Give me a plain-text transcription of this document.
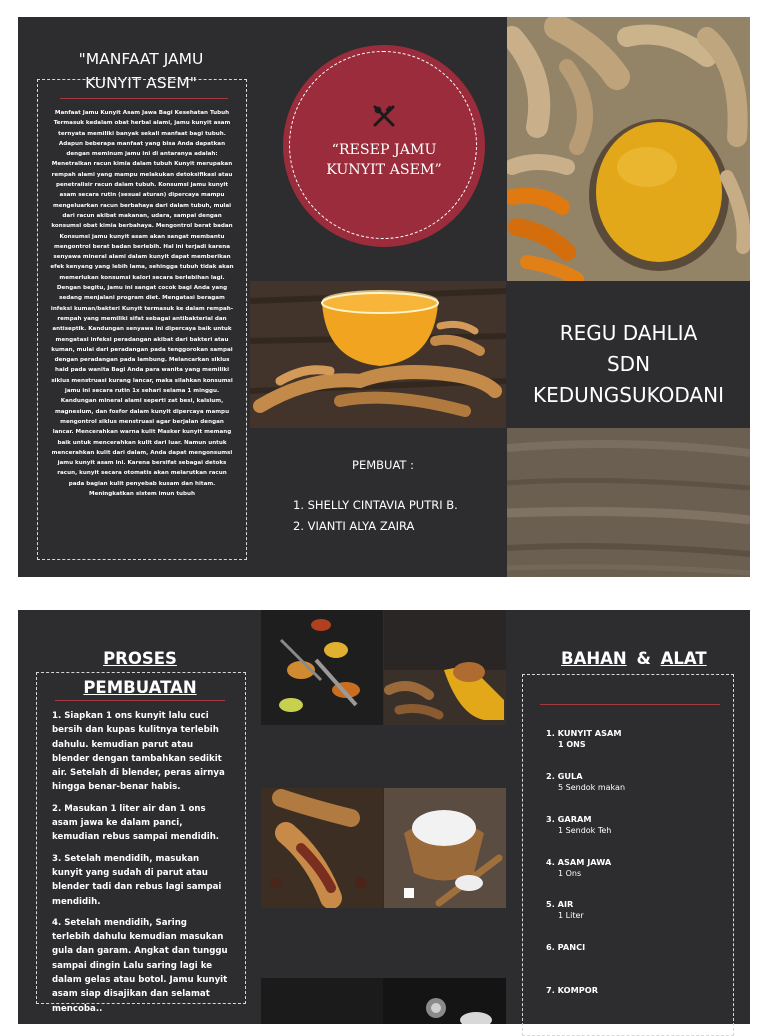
"MANFAAT JAMU
KUNYIT ASEM"
Manfaat Jamu Kunyit Asam Jawa Bagi Kesehatan Tubuh Termasuk kedalam obat herbal alami, jamu kunyit asam ternyata memiliki banyak sekali manfaat bagi tubuh. Adapun beberapa manfaat yang bisa Anda dapatkan dengan meminum jamu ini di antaranya adalah: Menetralkan racun kimia dalam tubuh Kunyit merupakan rempah alami yang mampu melakukan detoksifikasi atau penetralisir racun dalam tubuh. Konsumsi jamu kunyit asam secara rutin (sesuai aturan) dipercaya mampu mengeluarkan racun berbahaya dari dalam tubuh, mulai dari racun akibat makanan, udara, sampai dengan konsumsi obat kimia berbahaya. Mengontrol berat badan Konsumsi jamu kunyit asam akan sangat membantu mengontrol berat badan berlebih. Hal ini terjadi karena senyawa mineral alami dalam kunyit dapat memberikan efek kenyang yang lebih lama, sehingga tubuh tidak akan memerlukan konsumsi kalori secara berlebihan lagi. Dengan begitu, jamu ini sangat cocok bagi Anda yang sedang menjalani program diet. Mengatasi beragam infeksi kuman/bakteri Kunyit termasuk ke dalam rempah-rempah yang memiliki sifat sebagai antibakterial dan antiseptik. Kandungan senyawa ini dipercaya baik untuk mengatasi infeksi peradangan akibat dari bakteri atau kuman, mulai dari peradangan pada tenggorokan sampai dengan peradangan pada lambung. Melancarkan siklus haid pada wanita Bagi Anda para wanita yang memiliki siklus menstruasi kurang lancar, maka silahkan konsumsi jamu ini secara rutin 1x sehari selama 1 minggu. Kandungan mineral alami seperti zat besi, kalsium, magnesium, dan fosfor dalam kunyit dipercaya mampu mengontrol siklus menstruasi agar berjalan dengan lancar. Mencerahkan warna kulit Masker kunyit memang baik untuk mencerahkan kulit dari luar. Namun untuk mencerahkan kulit dari dalam, Anda dapat mengonsumsi jamu kunyit asam ini. Karena bersifat sebagai detoks racun, kunyit secara otomatis akan melarutkan racun pada bagian kulit penyebab kusam dan hitam. Meningkatkan sistem imun tubuh
“RESEP JAMU
KUNYIT ASEM”
PEMBUAT :
1. SHELLY CINTAVIA PUTRI B.
2. VIANTI ALYA ZAIRA
REGU DAHLIA
SDN
KEDUNGSUKODANI
PROSES
PEMBUATAN
1. Siapkan 1 ons kunyit lalu cuci bersih dan kupas kulitnya terlebih dahulu. kemudian parut atau blender dengan tambahkan sedikit air. Setelah di blender, peras airnya hingga benar-benar habis.
2. Masukan 1 liter air dan 1 ons asam jawa ke dalam panci, kemudian rebus sampai mendidih.
3. Setelah mendidih, masukan kunyit yang sudah di parut atau blender tadi dan rebus lagi sampai mendidih.
4. Setelah mendidih, Saring terlebih dahulu kemudian masukan gula dan garam. Angkat dan tunggu sampai dingin Lalu saring lagi ke dalam gelas atau botol. Jamu kunyit asam siap disajikan dan selamat mencoba..
BAHAN & ALAT
1. KUNYIT ASAM
1 ONS
2. GULA
5 Sendok makan
3. GARAM
1 Sendok Teh
4. ASAM JAWA
1 Ons
5. AIR
1 Liter
6. PANCI
7. KOMPOR
